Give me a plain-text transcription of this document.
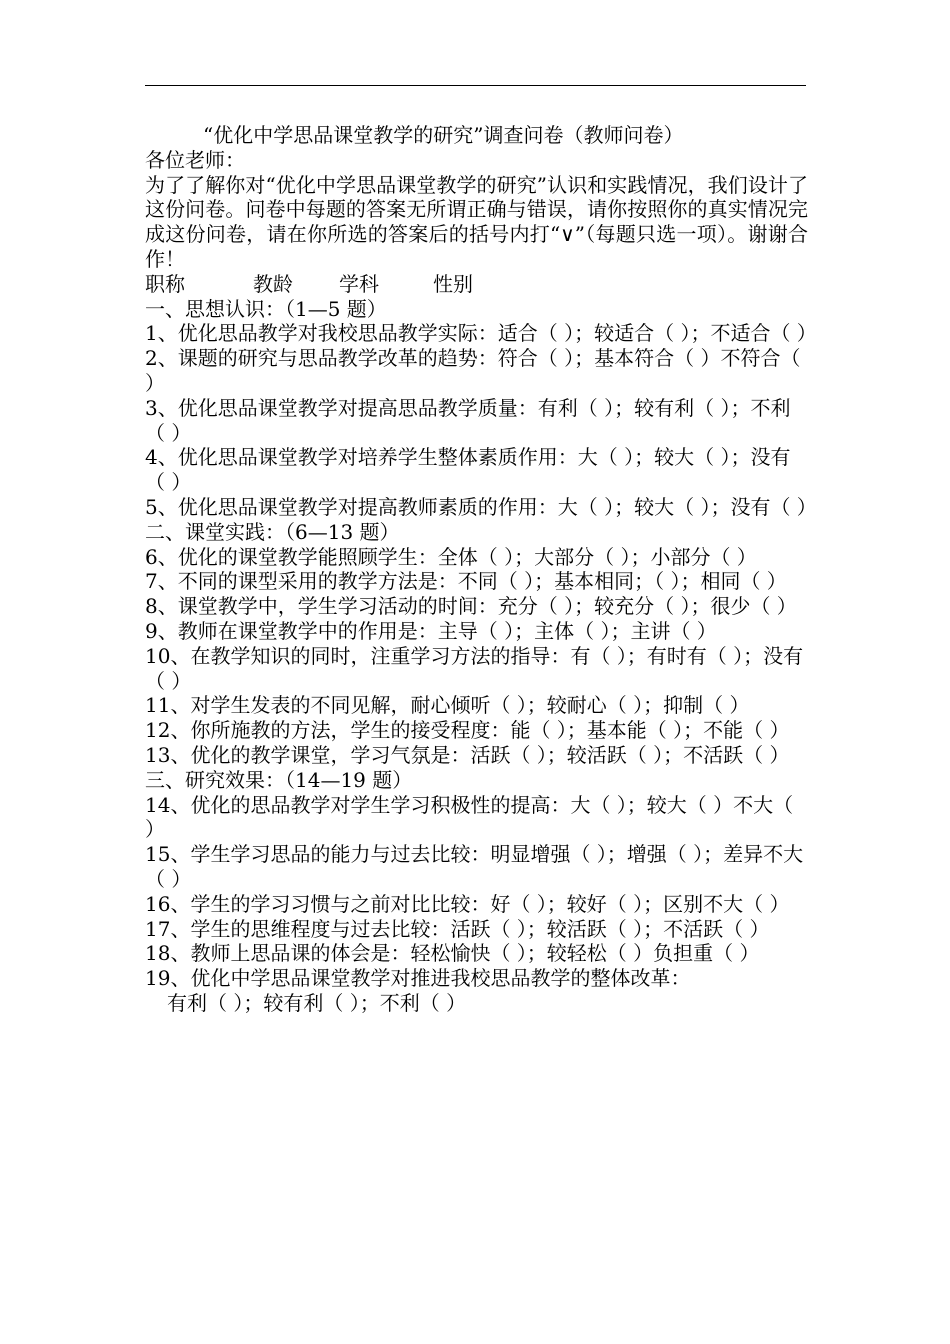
“优化中学思品课堂教学的研究”调查问卷（教师问卷）
各位老师：
为了了解你对“优化中学思品课堂教学的研究”认识和实践情况，我们设计了这份问卷。问卷中每题的答案无所谓正确与错误，请你按照你的真实情况完成这份问卷，请在你所选的答案后的括号内打“∨”（每题只选一项）。谢谢合作！
职称	教龄 学科	性别
一、思想认识：（1—5 题）
1、优化思品教学对我校思品教学实际：适合（ ）；较适合（ ）；不适合（ ）
2、课题的研究与思品教学改革的趋势：符合（ ）；基本符合（ ）不符合（ ）
3、优化思品课堂教学对提高思品教学质量：有利（ ）；较有利（ ）；不利（ ）
4、优化思品课堂教学对培养学生整体素质作用：大（ ）；较大（ ）；没有（ ）
5、优化思品课堂教学对提高教师素质的作用：大（ ）；较大（ ）；没有（ ）
二、课堂实践：（6—13 题）
6、优化的课堂教学能照顾学生：全体（ ）；大部分（ ）；小部分（ ）
7、不同的课型采用的教学方法是：不同（ ）；基本相同；（ ）；相同（ ）
8、课堂教学中，学生学习活动的时间：充分（ ）；较充分（ ）；很少（ ）
9、教师在课堂教学中的作用是：主导（ ）；主体（ ）；主讲（ ）
10、在教学知识的同时，注重学习方法的指导：有（ ）；有时有（ ）；没有（ ）
11、对学生发表的不同见解，耐心倾听（ ）；较耐心（ ）；抑制（ ）
12、你所施教的方法，学生的接受程度：能（ ）；基本能（ ）；不能（ ）
13、优化的教学课堂，学习气氛是：活跃（ ）；较活跃（ ）；不活跃（ ）
三、研究效果：（14—19 题）
14、优化的思品教学对学生学习积极性的提高：大（ ）；较大（ ）不大（ ）
15、学生学习思品的能力与过去比较：明显增强（ ）；增强（ ）；差异不大（ ）
16、学生的学习习惯与之前对比比较：好（ ）；较好（ ）；区别不大（ ）
17、学生的思维程度与过去比较：活跃（ ）；较活跃（ ）；不活跃（ ）
18、教师上思品课的体会是：轻松愉快（ ）；较轻松（ ）负担重（ ）
19、优化中学思品课堂教学对推进我校思品教学的整体改革：
有利（ ）；较有利（ ）；不利（ ）
